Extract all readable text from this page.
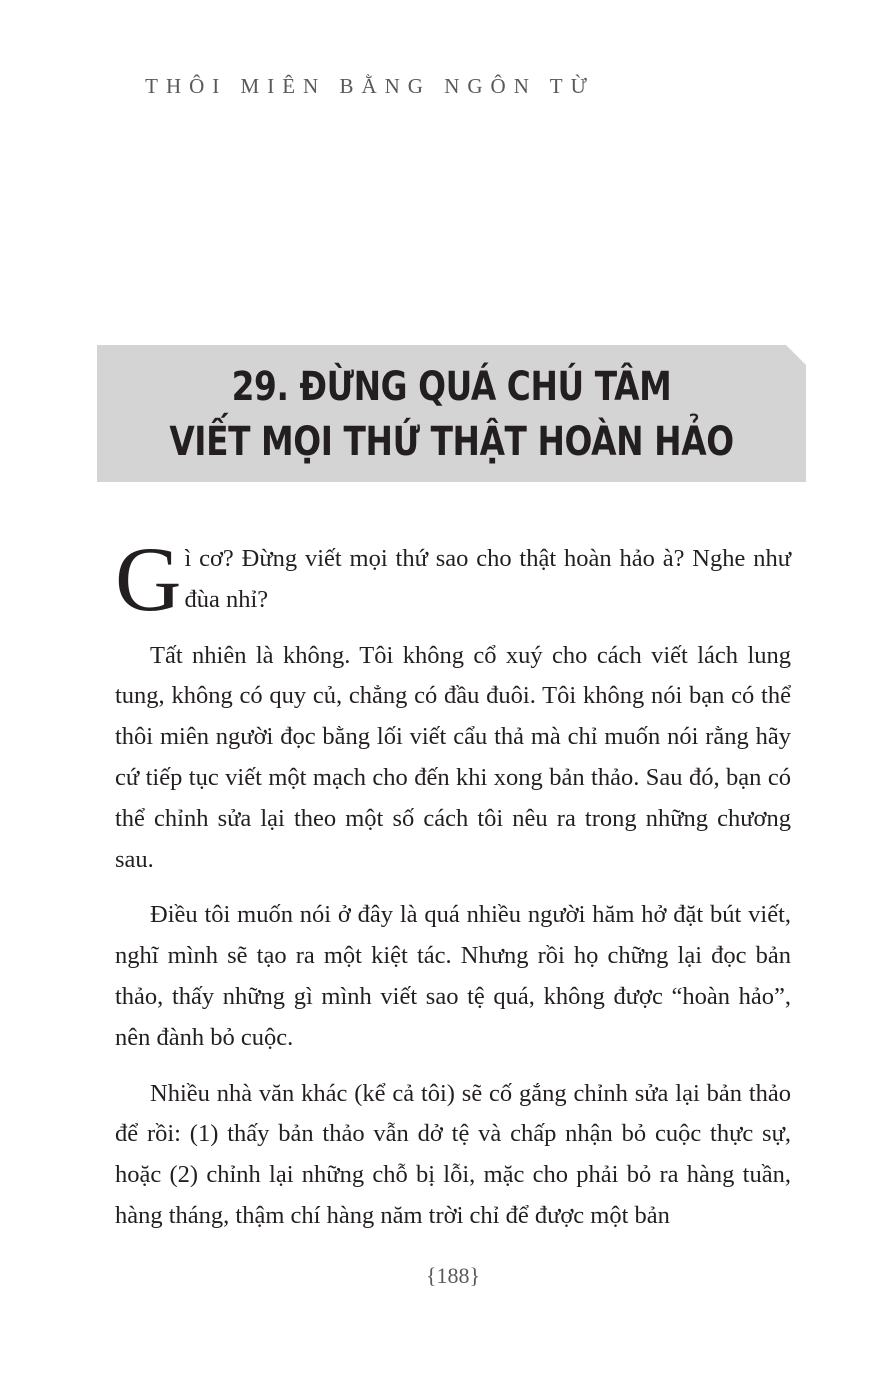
THÔI MIÊN BẰNG NGÔN TỪ
29. ĐỪNG QUÁ CHÚ TÂM
VIẾT MỌI THỨ THẬT HOÀN HẢO

Gì cơ? Đừng viết mọi thứ sao cho thật hoàn hảo à? Nghe như đùa nhỉ?

Tất nhiên là không. Tôi không cổ xuý cho cách viết lách lung tung, không có quy củ, chẳng có đầu đuôi. Tôi không nói bạn có thể thôi miên người đọc bằng lối viết cẩu thả mà chỉ muốn nói rằng hãy cứ tiếp tục viết một mạch cho đến khi xong bản thảo. Sau đó, bạn có thể chỉnh sửa lại theo một số cách tôi nêu ra trong những chương sau.

Điều tôi muốn nói ở đây là quá nhiều người hăm hở đặt bút viết, nghĩ mình sẽ tạo ra một kiệt tác. Nhưng rồi họ chững lại đọc bản thảo, thấy những gì mình viết sao tệ quá, không được “hoàn hảo”, nên đành bỏ cuộc.

Nhiều nhà văn khác (kể cả tôi) sẽ cố gắng chỉnh sửa lại bản thảo để rồi: (1) thấy bản thảo vẫn dở tệ và chấp nhận bỏ cuộc thực sự, hoặc (2) chỉnh lại những chỗ bị lỗi, mặc cho phải bỏ ra hàng tuần, hàng tháng, thậm chí hàng năm trời chỉ để được một bản

{188}
